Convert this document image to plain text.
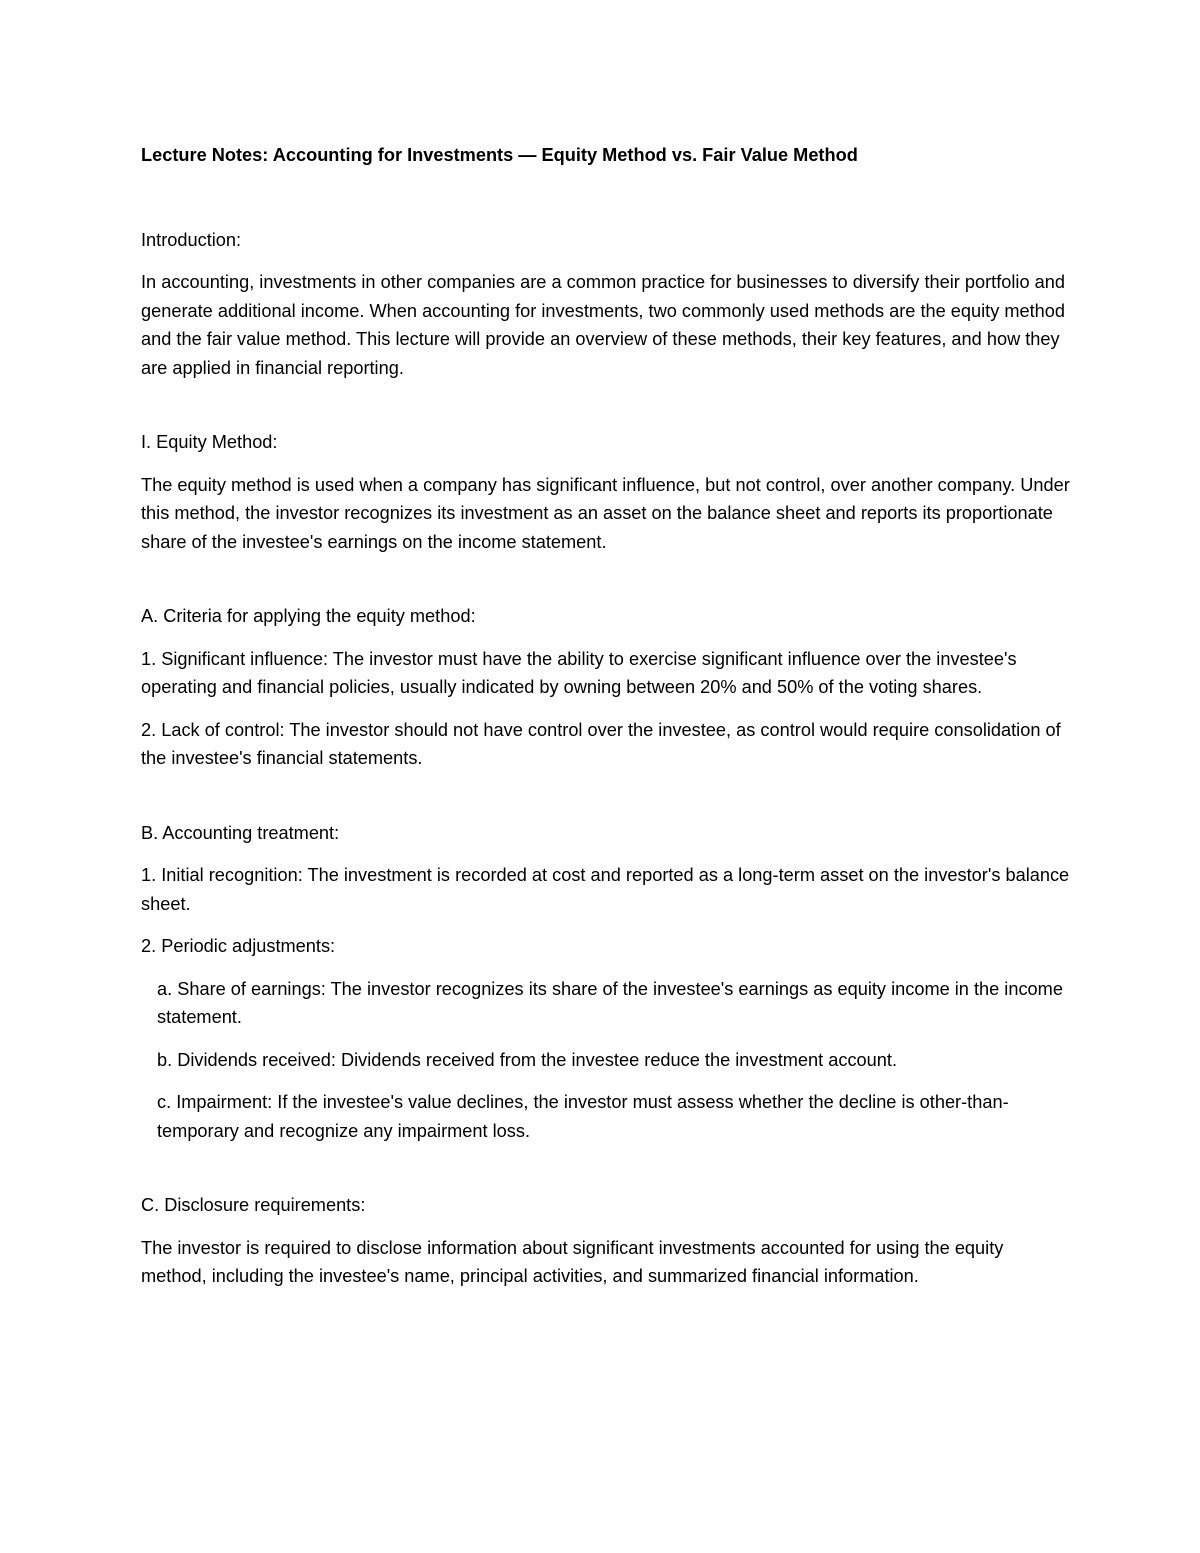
Lecture Notes: Accounting for Investments — Equity Method vs. Fair Value Method

Introduction:

In accounting, investments in other companies are a common practice for businesses to diversify their portfolio and generate additional income. When accounting for investments, two commonly used methods are the equity method and the fair value method. This lecture will provide an overview of these methods, their key features, and how they are applied in financial reporting.

I. Equity Method:

The equity method is used when a company has significant influence, but not control, over another company. Under this method, the investor recognizes its investment as an asset on the balance sheet and reports its proportionate share of the investee's earnings on the income statement.

A. Criteria for applying the equity method:

1. Significant influence: The investor must have the ability to exercise significant influence over the investee's operating and financial policies, usually indicated by owning between 20% and 50% of the voting shares.

2. Lack of control: The investor should not have control over the investee, as control would require consolidation of the investee's financial statements.

B. Accounting treatment:

1. Initial recognition: The investment is recorded at cost and reported as a long-term asset on the investor's balance sheet.

2. Periodic adjustments:

a. Share of earnings: The investor recognizes its share of the investee's earnings as equity income in the income statement.

b. Dividends received: Dividends received from the investee reduce the investment account.

c. Impairment: If the investee's value declines, the investor must assess whether the decline is other-than-temporary and recognize any impairment loss.

C. Disclosure requirements:

The investor is required to disclose information about significant investments accounted for using the equity method, including the investee's name, principal activities, and summarized financial information.
